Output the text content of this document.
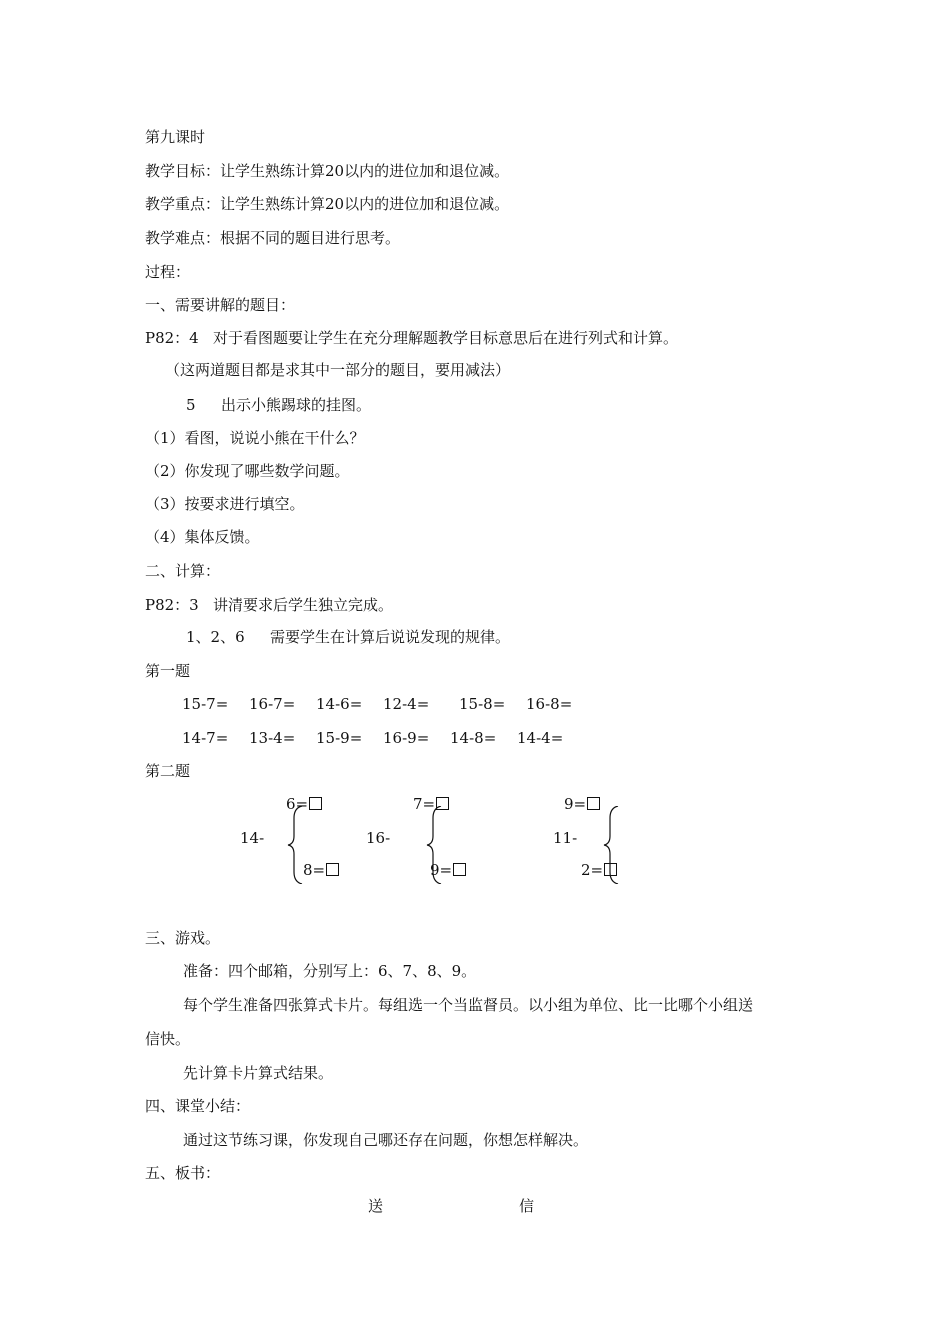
第九课时
教学目标：让学生熟练计算20以内的进位加和退位减。
教学重点：让学生熟练计算20以内的进位加和退位减。
教学难点：根据不同的题目进行思考。
过程：
一、需要讲解的题目：
P82：4   对于看图题要让学生在充分理解题教学目标意思后在进行列式和计算。
（这两道题目都是求其中一部分的题目，要用减法）
5 出示小熊踢球的挂图。
（1）看图，说说小熊在干什么？
（2）你发现了哪些数学问题。
（3）按要求进行填空。
（4）集体反馈。
二、计算：
P82：3   讲清要求后学生独立完成。
1、2、6 需要学生在计算后说说发现的规律。
第一题
15-7= 16-7= 14-6= 12-4= 15-8= 16-8=
14-7= 13-4= 15-9= 16-9= 14-8= 14-4=
第二题
6=
14-
8=
7=
16-
9=
9=
11-
2=
三、游戏。
准备：四个邮箱，分别写上：6、7、8、9。
每个学生准备四张算式卡片。每组选一个当监督员。以小组为单位、比一比哪个小组送
信快。
先计算卡片算式结果。
四、课堂小结：
通过这节练习课，你发现自己哪还存在问题，你想怎样解决。
五、板书：
送	信
